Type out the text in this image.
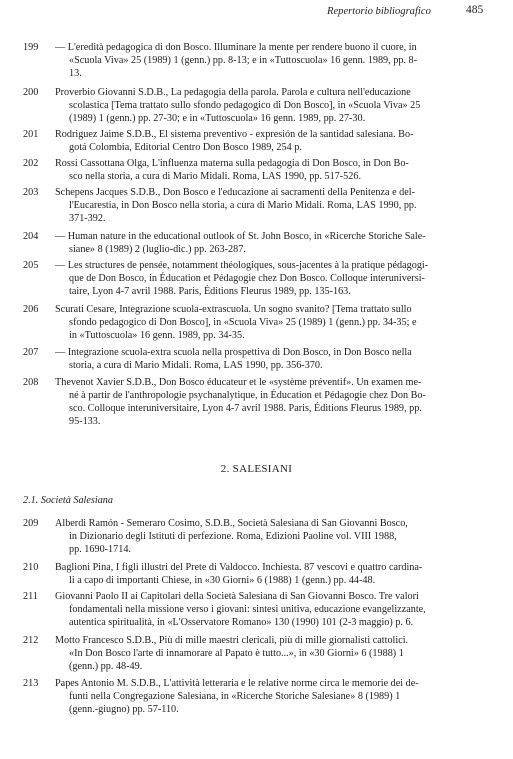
Repertorio bibliografico	485
199	— L'eredità pedagogica di don Bosco. Illuminare la mente per rendere buono il cuore, in
«Scuola Viva» 25 (1989) 1 (genn.) pp. 8-13; e in «Tuttoscuola» 16 genn. 1989, pp. 8-
13.
200	Proverbio Giovanni S.D.B., La pedagogia della parola. Parola e cultura nell'educazione
scolastica [Tema trattato sullo sfondo pedagogico di Don Bosco], in «Scuola Viva» 25
(1989) 1 (genn.) pp. 27-30; e in «Tuttoscuola» 16 genn. 1989, pp. 27-30.
201	Rodriguez Jaime S.D.B., El sistema preventivo - expresión de la santidad salesiana. Bo-
gotá Colombia, Editorial Centro Don Bosco 1989, 254 p.
202	Rossi Cassottana Olga, L'influenza materna sulla pedagogia di Don Bosco, in Don Bo-
sco nella storia, a cura di Mario Midali. Roma, LAS 1990, pp. 517-526.
203	Schepens Jacques S.D.B., Don Bosco e l'educazione ai sacramenti della Penitenza e del-
l'Eucarestia, in Don Bosco nella storia, a cura di Mario Midali. Roma, LAS 1990, pp.
371-392.
204	— Human nature in the educational outlook of St. John Bosco, in «Ricerche Storiche Sale-
siane» 8 (1989) 2 (luglio-dic.) pp. 263-287.
205	— Les structures de pensée, notamment théologiques, sous-jacentes à la pratique pédagogi-
que de Don Bosco, in Éducation et Pédagogie chez Don Bosco. Colloque interuniversi-
taire, Lyon 4-7 avril 1988. Paris, Éditions Fleurus 1989, pp. 135-163.
206	Scurati Cesare, Integrazione scuola-extrascuola. Un sogno svanito? [Tema trattato sullo
sfondo pedagogico di Don Bosco], in «Scuola Viva» 25 (1989) 1 (genn.) pp. 34-35; e
in «Tuttoscuola» 16 genn. 1989, pp. 34-35.
207	— Integrazione scuola-extra scuola nella prospettiva di Don Bosco, in Don Bosco nella
storia, a cura di Mario Midali. Roma, LAS 1990, pp. 356-370.
208	Thevenot Xavier S.D.B., Don Bosco éducateur et le «système préventif». Un examen me-
né à partir de l'anthropologie psychanalytique, in Éducation et Pédagogie chez Don Bo-
sco. Colloque interuniversitaire, Lyon 4-7 avril 1988. Paris, Éditions Fleurus 1989, pp.
95-133.
2. SALESIANI
2.1. Società Salesiana
209	Alberdi Ramón - Semeraro Cosimo, S.D.B., Società Salesiana di San Giovanni Bosco,
in Dizionario degli Istituti di perfezione. Roma, Edizioni Paoline vol. VIII 1988,
pp. 1690-1714.
210	Baglioni Pina, I figli illustri del Prete di Valdocco. Inchiesta. 87 vescovi e quattro cardina-
li a capo di importanti Chiese, in «30 Giorni» 6 (1988) 1 (genn.) pp. 44-48.
211	Giovanni Paolo II ai Capitolari della Società Salesiana di San Giovanni Bosco. Tre valori
fondamentali nella missione verso i giovani: sintesi unitiva, educazione evangelizzante,
autentica spiritualità, in «L'Osservatore Romano» 130 (1990) 101 (2-3 maggio) p. 6.
212	Motto Francesco S.D.B., Più di mille maestri clericali, più di mille giornalisti cattolici.
«In Don Bosco l'arte di innamorare al Papato è tutto...», in «30 Giorni» 6 (1988) 1
(genn.) pp. 48-49.
213	Papes Antonio M. S.D.B., L'attività letteraria e le relative norme circa le memorie dei de-
funti nella Congregazione Salesiana, in «Ricerche Storiche Salesiane» 8 (1989) 1
(genn.-giugno) pp. 57-110.
